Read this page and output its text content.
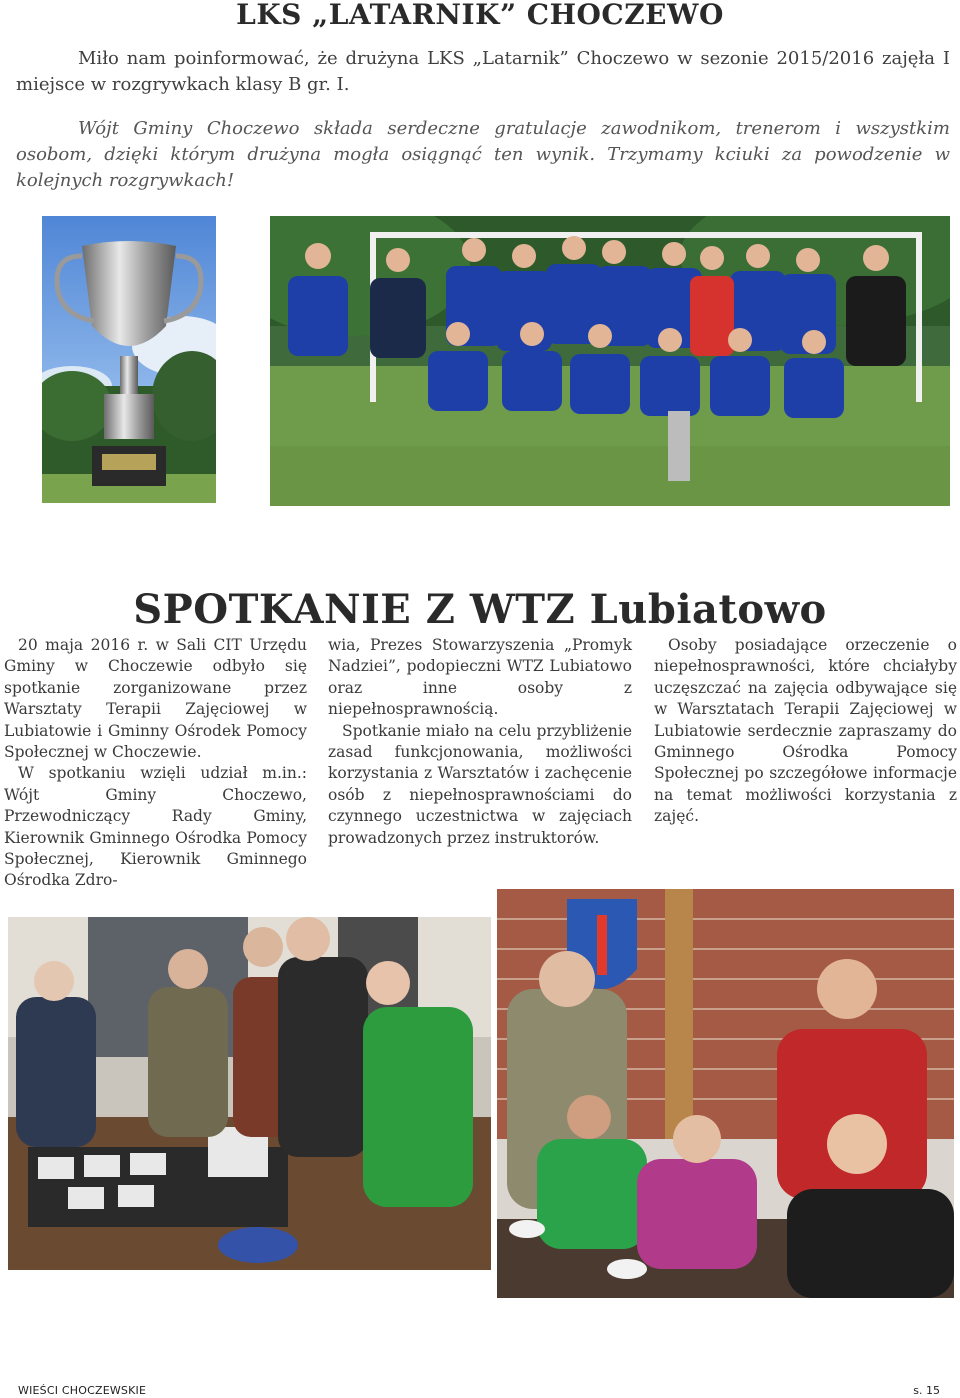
LKS „LATARNIK” CHOCZEWO
Miło nam poinformować, że drużyna LKS „Latarnik” Choczewo w sezonie 2015/2016 zajęła I miejsce w rozgrywkach klasy B gr. I.
Wójt Gminy Choczewo składa serdeczne gratulacje zawodnikom, trenerom i wszystkim osobom, dzięki którym drużyna mogła osiągnąć ten wynik. Trzymamy kciuki za powodzenie w kolejnych rozgrywkach!
SPOTKANIE Z WTZ Lubiatowo

20 maja 2016 r. w Sali CIT Urzędu Gminy w Choczewie odbyło się spotkanie zorganizowane przez Warsztaty Terapii Zajęciowej w Lubiatowie i Gminny Ośrodek Pomocy Społecznej w Choczewie.

W spotkaniu wzięli udział m.in.: Wójt Gminy Choczewo, Przewodniczący Rady Gminy, Kierownik Gminnego Ośrodka Pomocy Społecznej, Kierownik Gminnego Ośrodka Zdro-

wia, Prezes Stowarzyszenia „Promyk Nadziei”, podopieczni WTZ Lubiatowo oraz inne osoby z niepełnosprawnością.

Spotkanie miało na celu przybliżenie zasad funkcjonowania, możliwości korzystania z Warsztatów i zachęcenie osób z niepełnosprawnościami do czynnego uczestnictwa w zajęciach prowadzonych przez instruktorów.

Osoby posiadające orzeczenie o niepełnosprawności, które chciałyby uczęszczać na zajęcia odbywające się w Warsztatach Terapii Zajęciowej w Lubiatowie serdecznie zapraszamy do Gminnego Ośrodka Pomocy Społecznej po szczegółowe informacje na temat możliwości korzystania z zajęć.

WIEŚCI CHOCZEWSKIE	s. 15
